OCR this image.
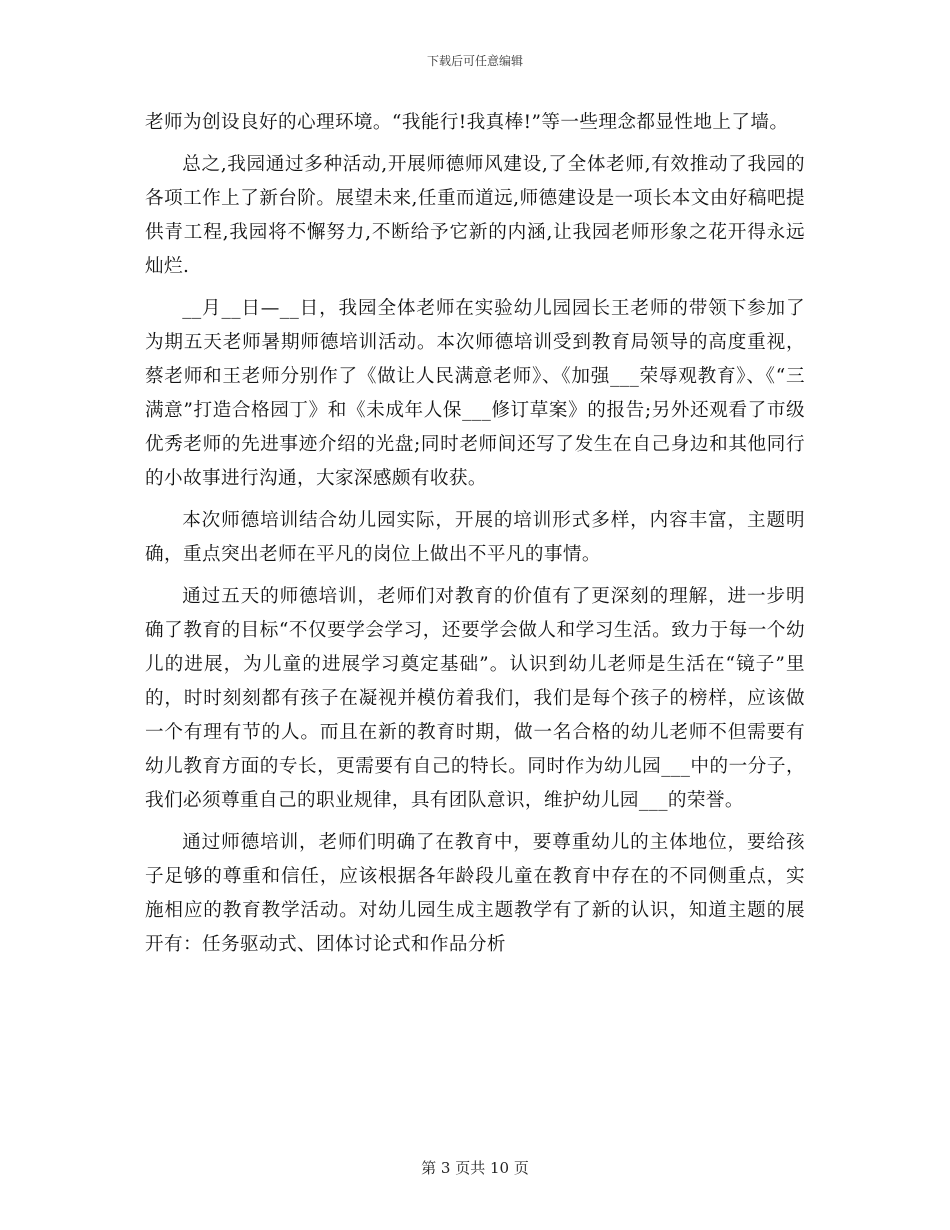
下载后可任意编辑

老师为创设良好的心理环境。“我能行!我真棒!”等一些理念都显性地上了墙。

总之,我园通过多种活动,开展师德师风建设,了全体老师,有效推动了我园的各项工作上了新台阶。展望未来,任重而道远,师德建设是一项长本文由好稿吧提供青工程,我园将不懈努力,不断给予它新的内涵,让我园老师形象之花开得永远灿烂.

__月__日—__日，我园全体老师在实验幼儿园园长王老师的带领下参加了为期五天老师暑期师德培训活动。本次师德培训受到教育局领导的高度重视，蔡老师和王老师分别作了《做让人民满意老师》、《加强___荣辱观教育》、《“三满意”打造合格园丁》和《未成年人保___修订草案》的报告;另外还观看了市级优秀老师的先进事迹介绍的光盘;同时老师间还写了发生在自己身边和其他同行的小故事进行沟通，大家深感颇有收获。

本次师德培训结合幼儿园实际，开展的培训形式多样，内容丰富，主题明确，重点突出老师在平凡的岗位上做出不平凡的事情。

通过五天的师德培训，老师们对教育的价值有了更深刻的理解，进一步明确了教育的目标“不仅要学会学习，还要学会做人和学习生活。致力于每一个幼儿的进展，为儿童的进展学习奠定基础”。认识到幼儿老师是生活在“镜子”里的，时时刻刻都有孩子在凝视并模仿着我们，我们是每个孩子的榜样，应该做一个有理有节的人。而且在新的教育时期，做一名合格的幼儿老师不但需要有幼儿教育方面的专长，更需要有自己的特长。同时作为幼儿园___中的一分子，我们必须尊重自己的职业规律，具有团队意识，维护幼儿园___的荣誉。

通过师德培训，老师们明确了在教育中，要尊重幼儿的主体地位，要给孩子足够的尊重和信任，应该根据各年龄段儿童在教育中存在的不同侧重点，实施相应的教育教学活动。对幼儿园生成主题教学有了新的认识，知道主题的展开有：任务驱动式、团体讨论式和作品分析

第 3 页共 10 页
